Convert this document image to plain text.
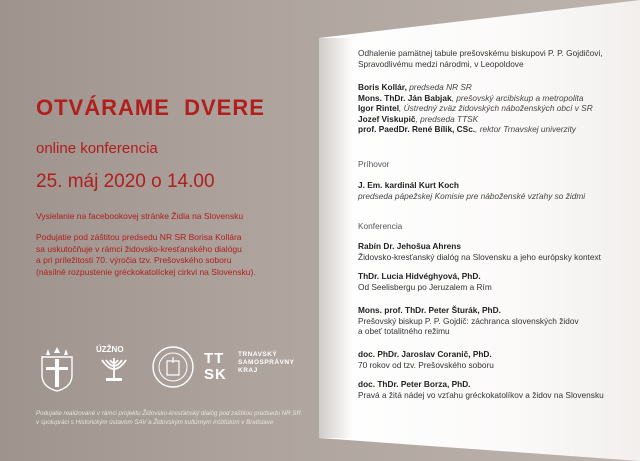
OTVÁRAME  DVERE
online konferencia
25. máj 2020 o 14.00
Vysielanie na facebookovej stránke Židia na Slovensku
Podujatie pod záštitou predsedu NR SR Borisa Kollára
sa uskutočňuje v rámci židovsko-kresťanského dialógu
a pri príležitosti 70. výročia tzv. Prešovského soboru
(násilné rozpustenie gréckokatolíckej cirkvi na Slovensku).
ÚZŽNO
TT SK
TRNAVSKÝ
SAMOSPRÁVNY
KRAJ
Podujatie realizované v rámci projektu Židovsko-kresťanský dialóg pod záštitou predsedu NR SR
v spolupráci s Historickým ústavom SAV a Židovským kultúrnym inštitútom v Bratislave
Odhalenie pamätnej tabule prešovskému biskupovi P. P. Gojdičovi,
Spravodlivému medzi národmi, v Leopoldove
Boris Kollár, predseda NR SR
Mons. ThDr. Ján Babjak, prešovský arcibiskup a metropolita
Igor Rintel, Ústredný zväz židovských náboženských obcí v SR
Jozef Viskupič, predseda TTSK
prof. PaedDr. René Bílik, CSc., rektor Trnavskej univerzity
Príhovor
J. Em. kardinál Kurt Koch
predseda pápežskej Komisie pre náboženské vzťahy so židmi
Konferencia
Rabín Dr. Jehošua Ahrens
Židovsko-kresťanský dialóg na Slovensku a jeho európsky kontext
ThDr. Lucia Hidvéghyová, PhD.
Od Seelisbergu po Jeruzalem a Rím
Mons. prof. ThDr. Peter Šturák, PhD.
Prešovský biskup P. P. Gojdič: záchranca slovenských židov
a obeť totalitného režimu
doc. PhDr. Jaroslav Coranič, PhD.
70 rokov od tzv. Prešovského soboru
doc. ThDr. Peter Borza, PhD.
Pravá a žitá nádej vo vzťahu gréckokatolíkov a židov na Slovensku
